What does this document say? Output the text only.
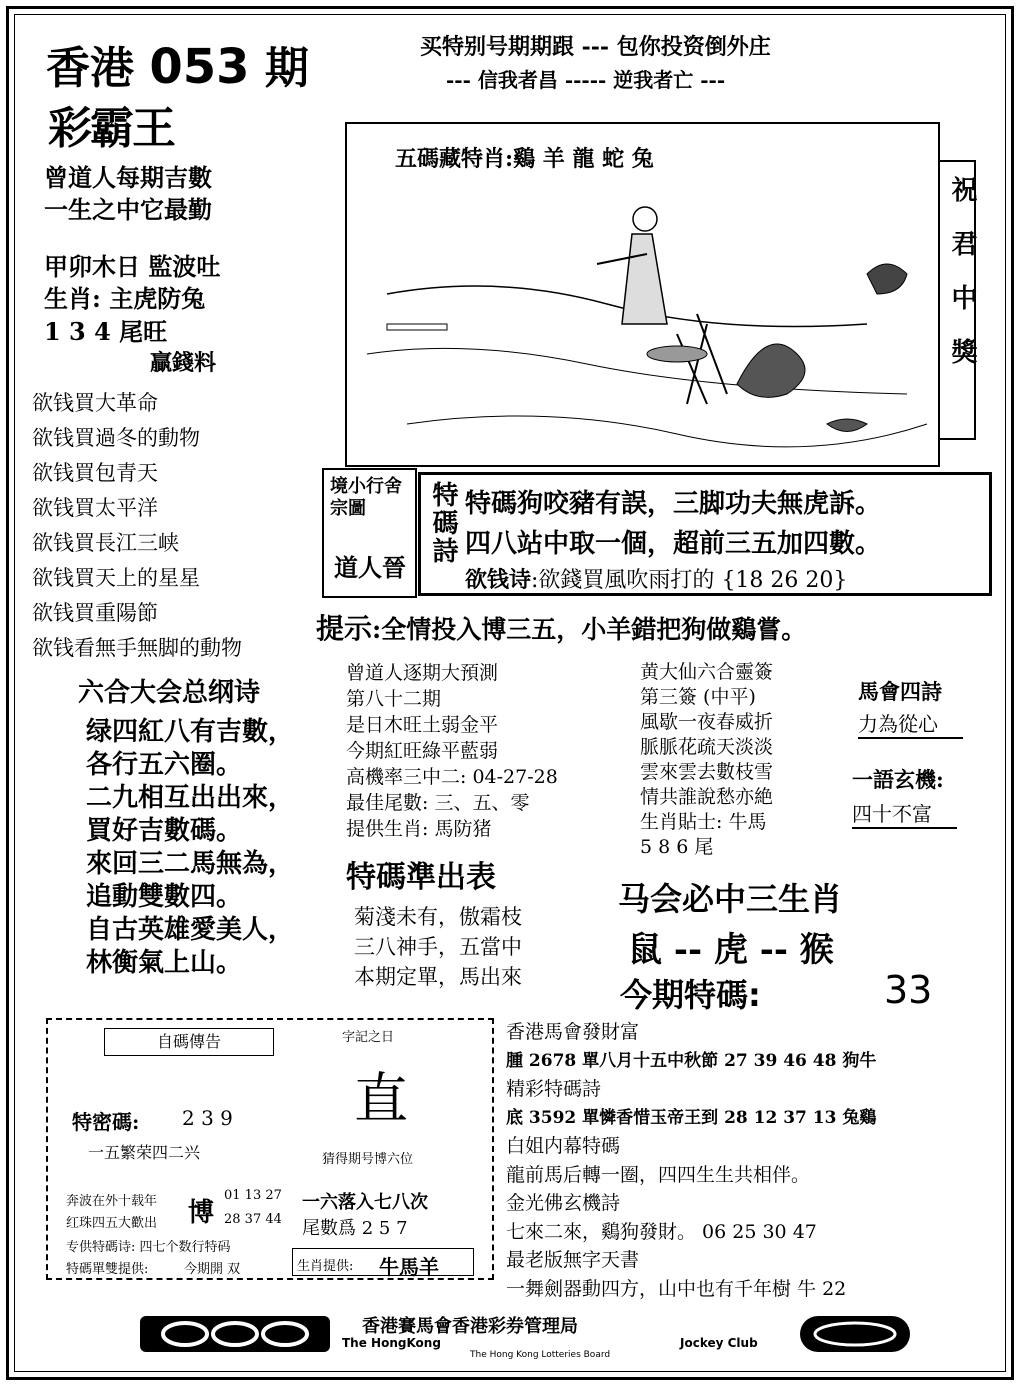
香港 053 期
彩霸王
买特别号期期跟 --- 包你投资倒外庄
--- 信我者昌 ----- 逆我者亡 ---
曾道人每期吉數
一生之中它最勤
甲卯木日 監波吐
生肖: 主虎防兔
1 3 4 尾旺
贏錢料
欲钱買大革命
欲钱買過冬的動物
欲钱買包青天
欲钱買太平洋
欲钱買長江三峡
欲钱買天上的星星
欲钱買重陽節
欲钱看無手無脚的動物
五碼藏特肖:鷄 羊 龍 蛇 兔
祝君中獎
境小行舍宗圖
道人晉
特碼詩 特碼狗咬豬有誤，三脚功夫無虎訴。
四八站中取一個，超前三五加四數。
欲钱诗:欲錢買風吹雨打的 {18 26 20}
提示:全情投入博三五，小羊錯把狗做鷄嘗。
六合大会总纲诗
绿四紅八有吉數，
各行五六圈。
二九相互出出來，
買好吉數碼。
來回三二馬無為，
追動雙數四。
自古英雄愛美人，
林衡氣上山。
曾道人逐期大預測
第八十二期
是日木旺土弱金平
今期紅旺綠平藍弱
高機率三中二: 04-27-28
最佳尾數: 三、五、零
提供生肖: 馬防猪
黄大仙六合靈簽
第三簽 (中平)
風歇一夜春威折
脈脈花疏天淡淡
雲來雲去數枝雪
情共誰說愁亦絶
生肖貼士: 牛馬
5 8 6 尾
馬會四詩
力為從心
一語玄機:
四十不富
特碼準出表
菊淺未有，傲霜枝
三八神手，五當中
本期定單，馬出來
马会必中三生肖
鼠 -- 虎 -- 猴
今期特碼:	33
自碼傳告
特密碼: 2 3 9
一五繁荣四二兴
奔波在外十载年
红珠四五大歡出 博
01 13 27
28 37 44
专供特碼诗: 四七个数行特码
特碼單雙提供:	今期開 双
字記之日
直
猜得期号博六位
一六落入七八次
尾數爲 2 5 7
生肖提供: 牛馬羊
香港馬會發財富
腫 2678 單八月十五中秋節 27 39 46 48 狗牛
精彩特碼詩
底 3592 單憐香惜玉帝王到 28 12 37 13 兔鷄
白姐内幕特碼
龍前馬后轉一圈，四四生生共相伴。
金光佛玄機詩
七來二來，鷄狗發財。 06 25 30 47
最老版無字天書
一舞劍器動四方，山中也有千年樹 牛 22
香港賽馬會香港彩券管理局
The HongKong	Jockey Club
The Hong Kong Lotteries Board
